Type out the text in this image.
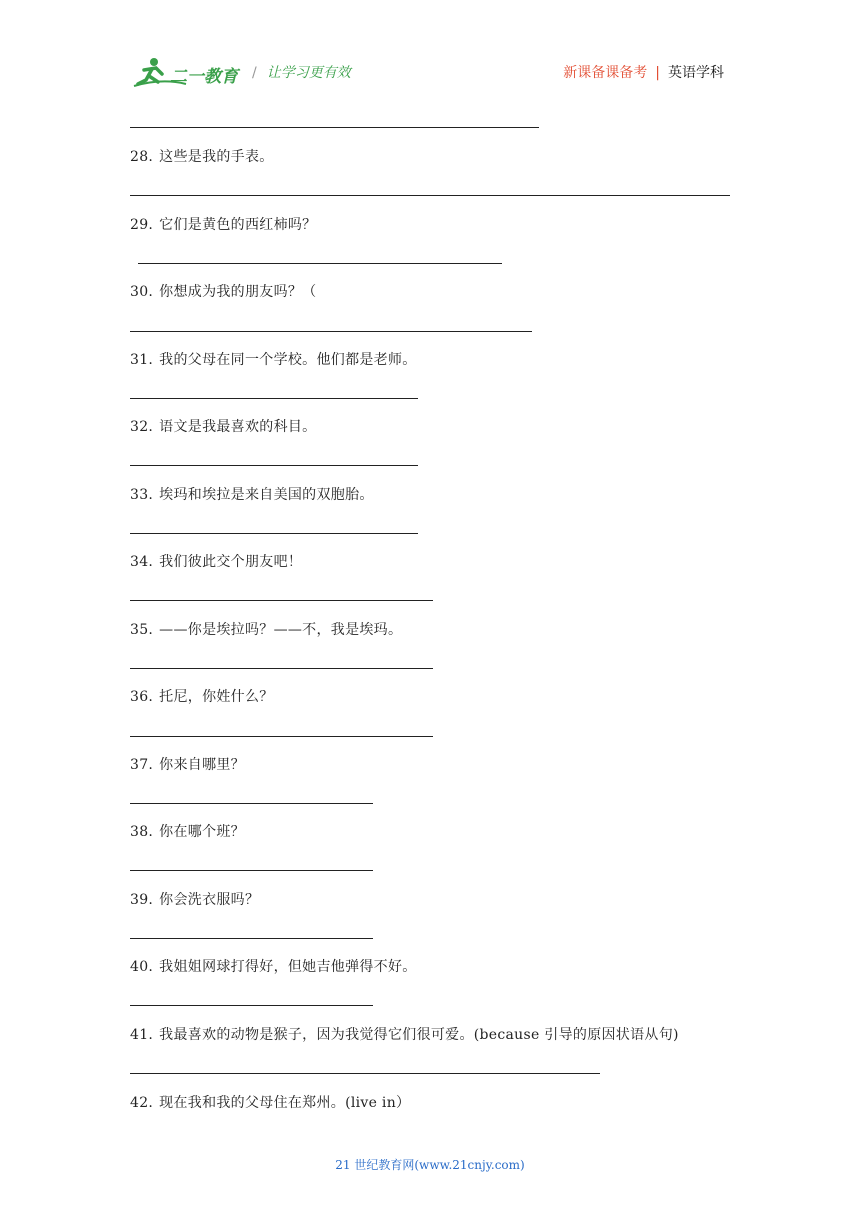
二一教育 / 让学习更有效	新课备课备考 | 英语学科
28. 这些是我的手表。
29. 它们是黄色的西红柿吗？
30. 你想成为我的朋友吗？（
31. 我的父母在同一个学校。他们都是老师。
32. 语文是我最喜欢的科目。
33. 埃玛和埃拉是来自美国的双胞胎。
34. 我们彼此交个朋友吧！
35. ——你是埃拉吗？——不，我是埃玛。
36. 托尼，你姓什么？
37. 你来自哪里？
38. 你在哪个班？
39. 你会洗衣服吗？
40. 我姐姐网球打得好，但她吉他弹得不好。
41. 我最喜欢的动物是猴子，因为我觉得它们很可爱。(because 引导的原因状语从句)
42. 现在我和我的父母住在郑州。(live in）
21 世纪教育网(www.21cnjy.com)
